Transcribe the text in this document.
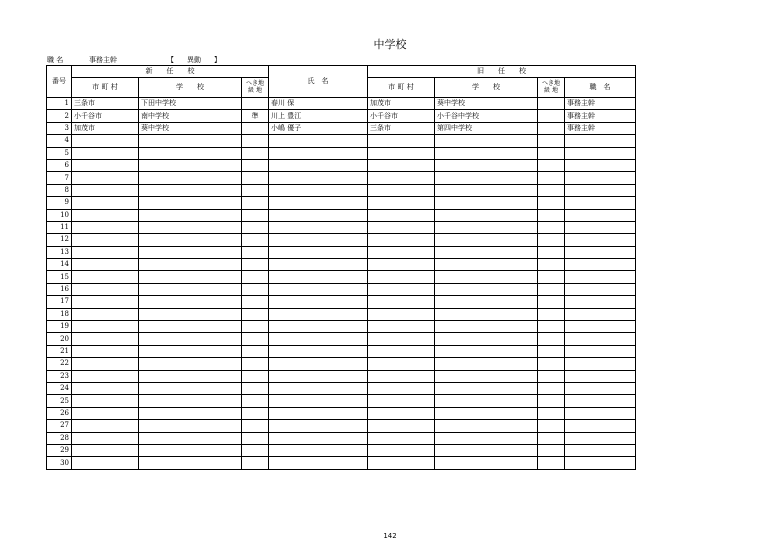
中学校
職 名	事務主幹	【 異動 】
番号	新　　任　　校			氏　名	旧　　任　　校			
	市 町 村	学　　校	へき地級 地		市 町 村	学　　校	へき地級 地	職　名
1	三条市	下田中学校		春川 保	加茂市	葵中学校		事務主幹
2	小千谷市	南中学校	準	川上 豊江	小千谷市	小千谷中学校		事務主幹
3	加茂市	葵中学校		小嶋 優子	三条市	第四中学校		事務主幹
4								
5								
6								
7								
8								
9								
10								
11								
12								
13								
14								
15								
16								
17								
18								
19								
20								
21								
22								
23								
24								
25								
26								
27								
28								
29								
30								
142
